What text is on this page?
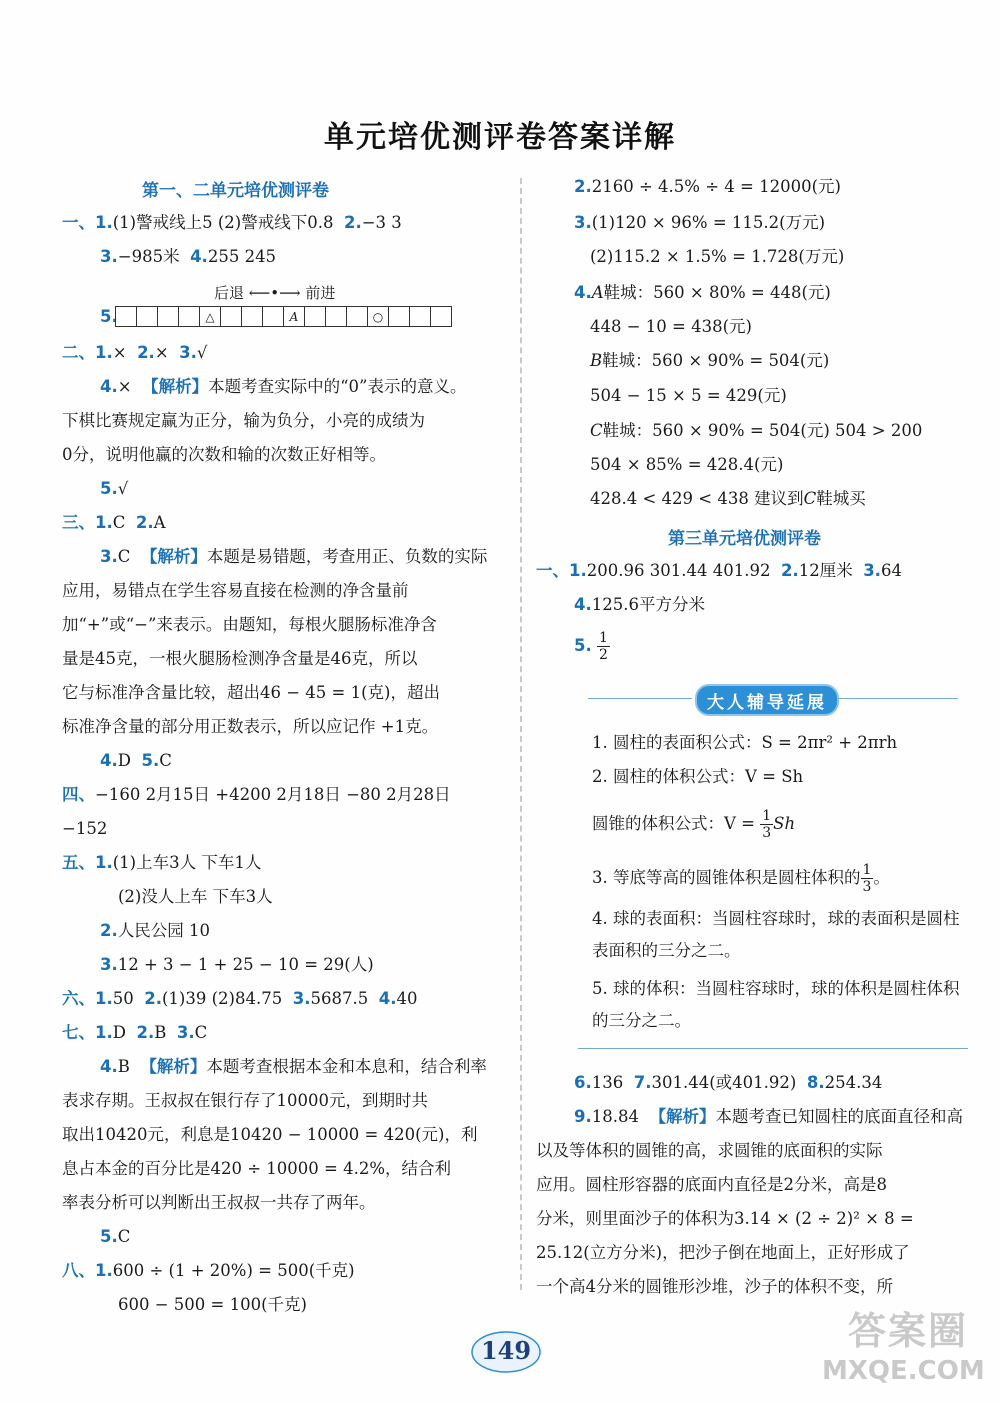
单元培优测评卷答案详解
第一、二单元培优测评卷
一、1.(1)警戒线上5 (2)警戒线下0.8 2.−3 3
3.−985米 4.255 245
后退 ⟵•⟶ 前进
5.	△	A	○
二、1.× 2.× 3.√
4.× 【解析】本题考查实际中的“0”表示的意义。
下棋比赛规定赢为正分，输为负分，小亮的成绩为
0分，说明他赢的次数和输的次数正好相等。
5.√
三、1.C 2.A
3.C 【解析】本题是易错题，考查用正、负数的实际
应用，易错点在学生容易直接在检测的净含量前
加“+”或“−”来表示。由题知，每根火腿肠标准净含
量是45克，一根火腿肠检测净含量是46克，所以
它与标准净含量比较，超出46 − 45 = 1(克)，超出
标准净含量的部分用正数表示，所以应记作 +1克。
4.D 5.C
四、−160 2月15日 +4200 2月18日 −80 2月28日
−152
五、1.(1)上车3人 下车1人
(2)没人上车 下车3人
2.人民公园 10
3.12 + 3 − 1 + 25 − 10 = 29(人)
六、1.50 2.(1)39 (2)84.75 3.5687.5 4.40
七、1.D 2.B 3.C
4.B 【解析】本题考查根据本金和本息和，结合利率
表求存期。王叔叔在银行存了10000元，到期时共
取出10420元，利息是10420 − 10000 = 420(元)，利
息占本金的百分比是420 ÷ 10000 = 4.2%，结合利
率表分析可以判断出王叔叔一共存了两年。
5.C
八、1.600 ÷ (1 + 20%) = 500(千克)
600 − 500 = 100(千克)
2.2160 ÷ 4.5% ÷ 4 = 12000(元)
3.(1)120 × 96% = 115.2(万元)
(2)115.2 × 1.5% = 1.728(万元)
4.A鞋城：560 × 80% = 448(元)
448 − 10 = 438(元)
B鞋城：560 × 90% = 504(元)
504 − 15 × 5 = 429(元)
C鞋城：560 × 90% = 504(元) 504 > 200
504 × 85% = 428.4(元)
428.4 < 429 < 438 建议到C鞋城买
第三单元培优测评卷
一、1.200.96 301.44 401.92 2.12厘米 3.64
4.125.6平方分米
5. $\frac{1}{2}$
大人辅导延展
1. 圆柱的表面积公式：S = 2πr² + 2πrh
2. 圆柱的体积公式：V = Sh
圆锥的体积公式：$V = \frac{1}{3}$ Sh
3. 等底等高的圆锥体积是圆柱体积的 $\frac{1}{3}$ 。
4. 球的表面积：当圆柱容球时，球的表面积是圆柱
表面积的三分之二。
5. 球的体积：当圆柱容球时，球的体积是圆柱体积
的三分之二。
6.136 7.301.44(或401.92) 8.254.34
9.18.84 【解析】本题考查已知圆柱的底面直径和高
以及等体积的圆锥的高，求圆锥的底面积的实际
应用。圆柱形容器的底面内直径是2分米，高是8
分米，则里面沙子的体积为3.14 × (2 ÷ 2)² × 8 =
25.12(立方分米)，把沙子倒在地面上，正好形成了
一个高4分米的圆锥形沙堆，沙子的体积不变，所
149	答案圈
MXQE.COM
